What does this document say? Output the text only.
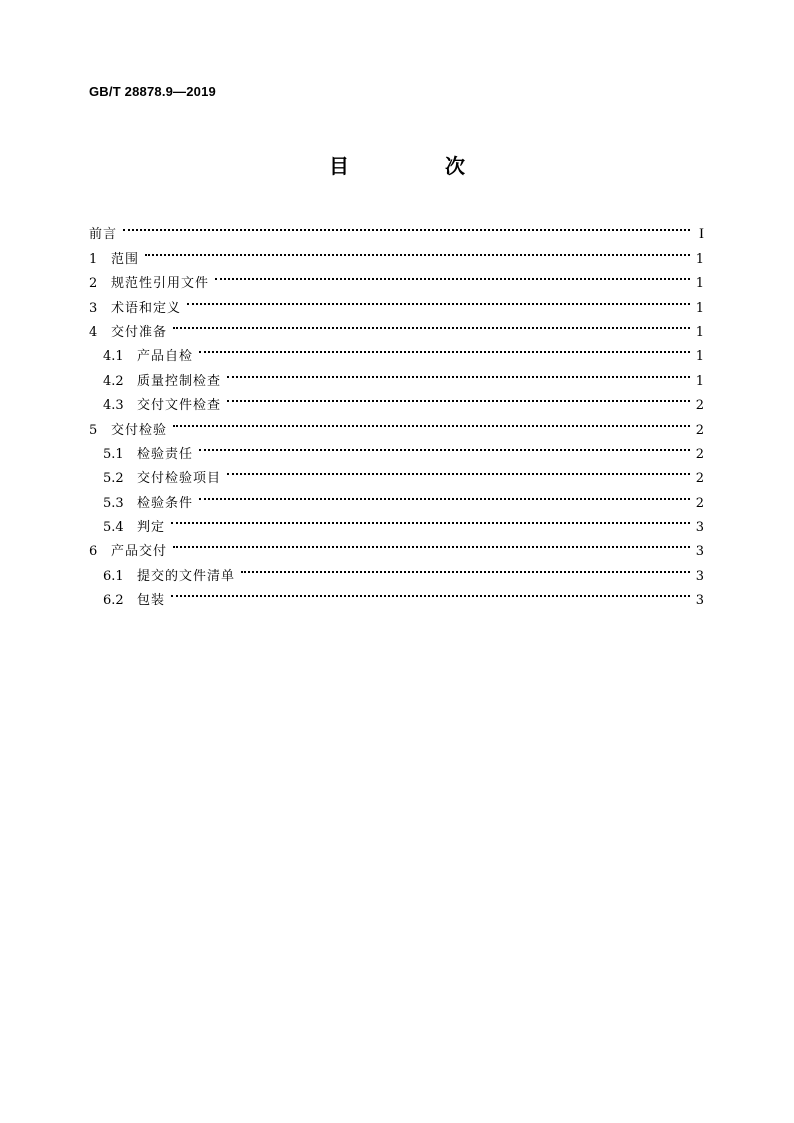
GB/T 28878.9—2019
目　次
前言	I
1	范围	1
2	规范性引用文件	1
3	术语和定义	1
4	交付准备	1
4.1	产品自检	1
4.2	质量控制检查	1
4.3	交付文件检查	2
5	交付检验	2
5.1	检验责任	2
5.2	交付检验项目	2
5.3	检验条件	2
5.4	判定	3
6	产品交付	3
6.1	提交的文件清单	3
6.2	包装	3
